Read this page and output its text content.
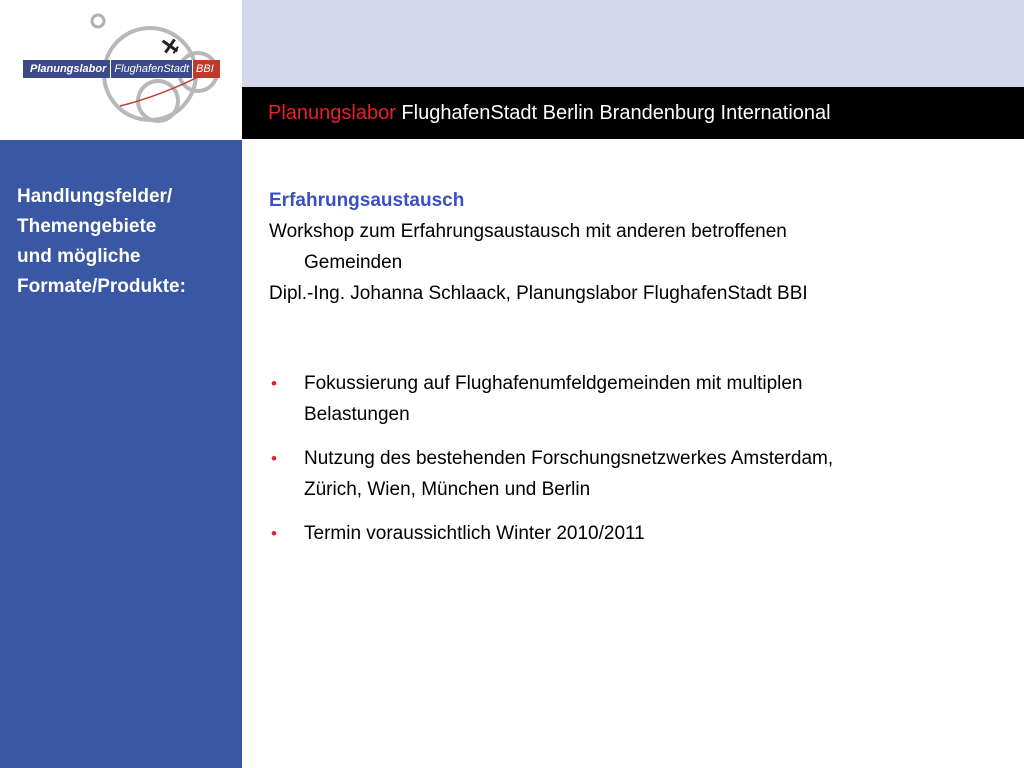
Planungslabor FlughafenStadt BBI
Planungslabor FlughafenStadt Berlin Brandenburg International
Handlungsfelder/
Themengebiete
und mögliche
Formate/Produkte:

Erfahrungsaustausch

Workshop zum Erfahrungsaustausch mit anderen betroffenen

Gemeinden

Dipl.-Ing. Johanna Schlaack, Planungslabor FlughafenStadt BBI

• Fokussierung auf Flughafenumfeldgemeinden mit multiplen
Belastungen
• Nutzung des bestehenden Forschungsnetzwerkes Amsterdam,
Zürich, Wien, München und Berlin
• Termin voraussichtlich Winter 2010/2011
